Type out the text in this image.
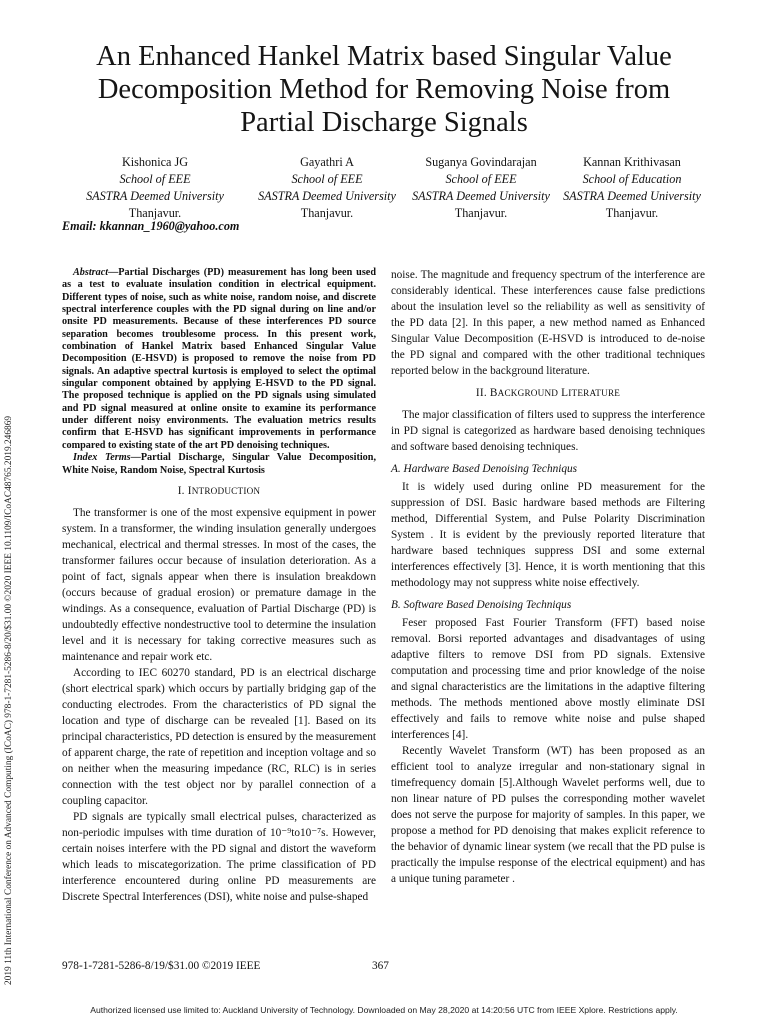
An Enhanced Hankel Matrix based Singular Value
Decomposition Method for Removing Noise from
Partial Discharge Signals
Kishonica JG
School of EEE
SASTRA Deemed University
Thanjavur.
Gayathri A
School of EEE
SASTRA Deemed University
Thanjavur.
Suganya Govindarajan
School of EEE
SASTRA Deemed University
Thanjavur.
Kannan Krithivasan
School of Education
SASTRA Deemed University
Thanjavur.
Email: kkannan_1960@yahoo.com
2019 11th International Conference on Advanced Computing (ICoAC) 978-1-7281-5286-8/20/$31.00 ©2020 IEEE 10.1109/ICoAC48765.2019.246869

Abstract—Partial Discharges (PD) measurement has long been used as a test to evaluate insulation condition in electrical equipment. Different types of noise, such as white noise, random noise, and discrete spectral interference couples with the PD signal during on line and/or onsite PD measurements. Because of these interferences PD source separation becomes troublesome process. In this present work, combination of Hankel Matrix based Enhanced Singular Value Decomposition (E-HSVD) is proposed to remove the noise from PD signals. An adaptive spectral kurtosis is employed to select the optimal singular component obtained by applying E-HSVD to the PD signal. The proposed technique is applied on the PD signals using simulated and PD signal measured at online onsite to examine its performance under different noisy environments. The evaluation metrics results confirm that E-HSVD has significant improvements in performance compared to existing state of the art PD denoising techniques.

Index Terms—Partial Discharge, Singular Value Decomposition, White Noise, Random Noise, Spectral Kurtosis

I. INTRODUCTION

The transformer is one of the most expensive equipment in power system. In a transformer, the winding insulation generally undergoes mechanical, electrical and thermal stresses. In most of the cases, the transformer failures occur because of insulation deterioration. As a point of fact, signals appear when there is insulation breakdown (occurs because of gradual erosion) or premature damage in the windings. As a consequence, evaluation of Partial Discharge (PD) is undoubtedly effective nondestructive tool to determine the insulation level and it is necessary for taking corrective measures such as maintenance and repair work etc.

According to IEC 60270 standard, PD is an electrical discharge (short electrical spark) which occurs by partially bridging gap of the conducting electrodes. From the characteristics of PD signal the location and type of discharge can be revealed [1]. Based on its principal characteristics, PD detection is ensured by the measurement of apparent charge, the rate of repetition and inception voltage and so on neither when the measuring impedance (RC, RLC) is in series connection with the test object nor by parallel connection of a coupling capacitor.

PD signals are typically small electrical pulses, characterized as non-periodic impulses with time duration of 10⁻⁹to10⁻⁷s. However, certain noises interfere with the PD signal and distort the waveform which leads to miscategorization. The prime classification of PD interference encountered during online PD measurements are Discrete Spectral Interferences (DSI), white noise and pulse-shaped

noise. The magnitude and frequency spectrum of the interference are considerably identical. These interferences cause false predictions about the insulation level so the reliability as well as sensitivity of the PD data [2]. In this paper, a new method named as Enhanced Singular Value Decomposition (E-HSVD is introduced to de-noise the PD signal and compared with the other traditional techniques reported below in the background literature.

II. BACKGROUND LITERATURE

The major classification of filters used to suppress the interference in PD signal is categorized as hardware based denoising techniques and software based denoising techniques.

A. Hardware Based Denoising Techniqus

It is widely used during online PD measurement for the suppression of DSI. Basic hardware based methods are Filtering method, Differential System, and Pulse Polarity Discrimination System . It is evident by the previously reported literature that hardware based techniques suppress DSI and some external interferences effectively [3]. Hence, it is worth mentioning that this methodology may not suppress white noise effectively.

B. Software Based Denoising Techniqus

Feser proposed Fast Fourier Transform (FFT) based noise removal. Borsi reported advantages and disadvantages of using adaptive filters to remove DSI from PD signals. Extensive computation and processing time and prior knowledge of the noise and signal characteristics are the limitations in the adaptive filtering methods. The methods mentioned above mostly eliminate DSI effectively and fails to remove white noise and pulse shaped interferences [4].

Recently Wavelet Transform (WT) has been proposed as an efficient tool to analyze irregular and non-stationary signal in timefrequency domain [5].Although Wavelet performs well, due to non linear nature of PD pulses the corresponding mother wavelet does not serve the purpose for majority of samples. In this paper, we propose a method for PD denoising that makes explicit reference to the behavior of dynamic linear system (we recall that the PD pulse is practically the impulse response of the electrical equipment) and has a unique tuning parameter .

978-1-7281-5286-8/19/$31.00 ©2019 IEEE	367
Authorized licensed use limited to: Auckland University of Technology. Downloaded on May 28,2020 at 14:20:56 UTC from IEEE Xplore. Restrictions apply.
